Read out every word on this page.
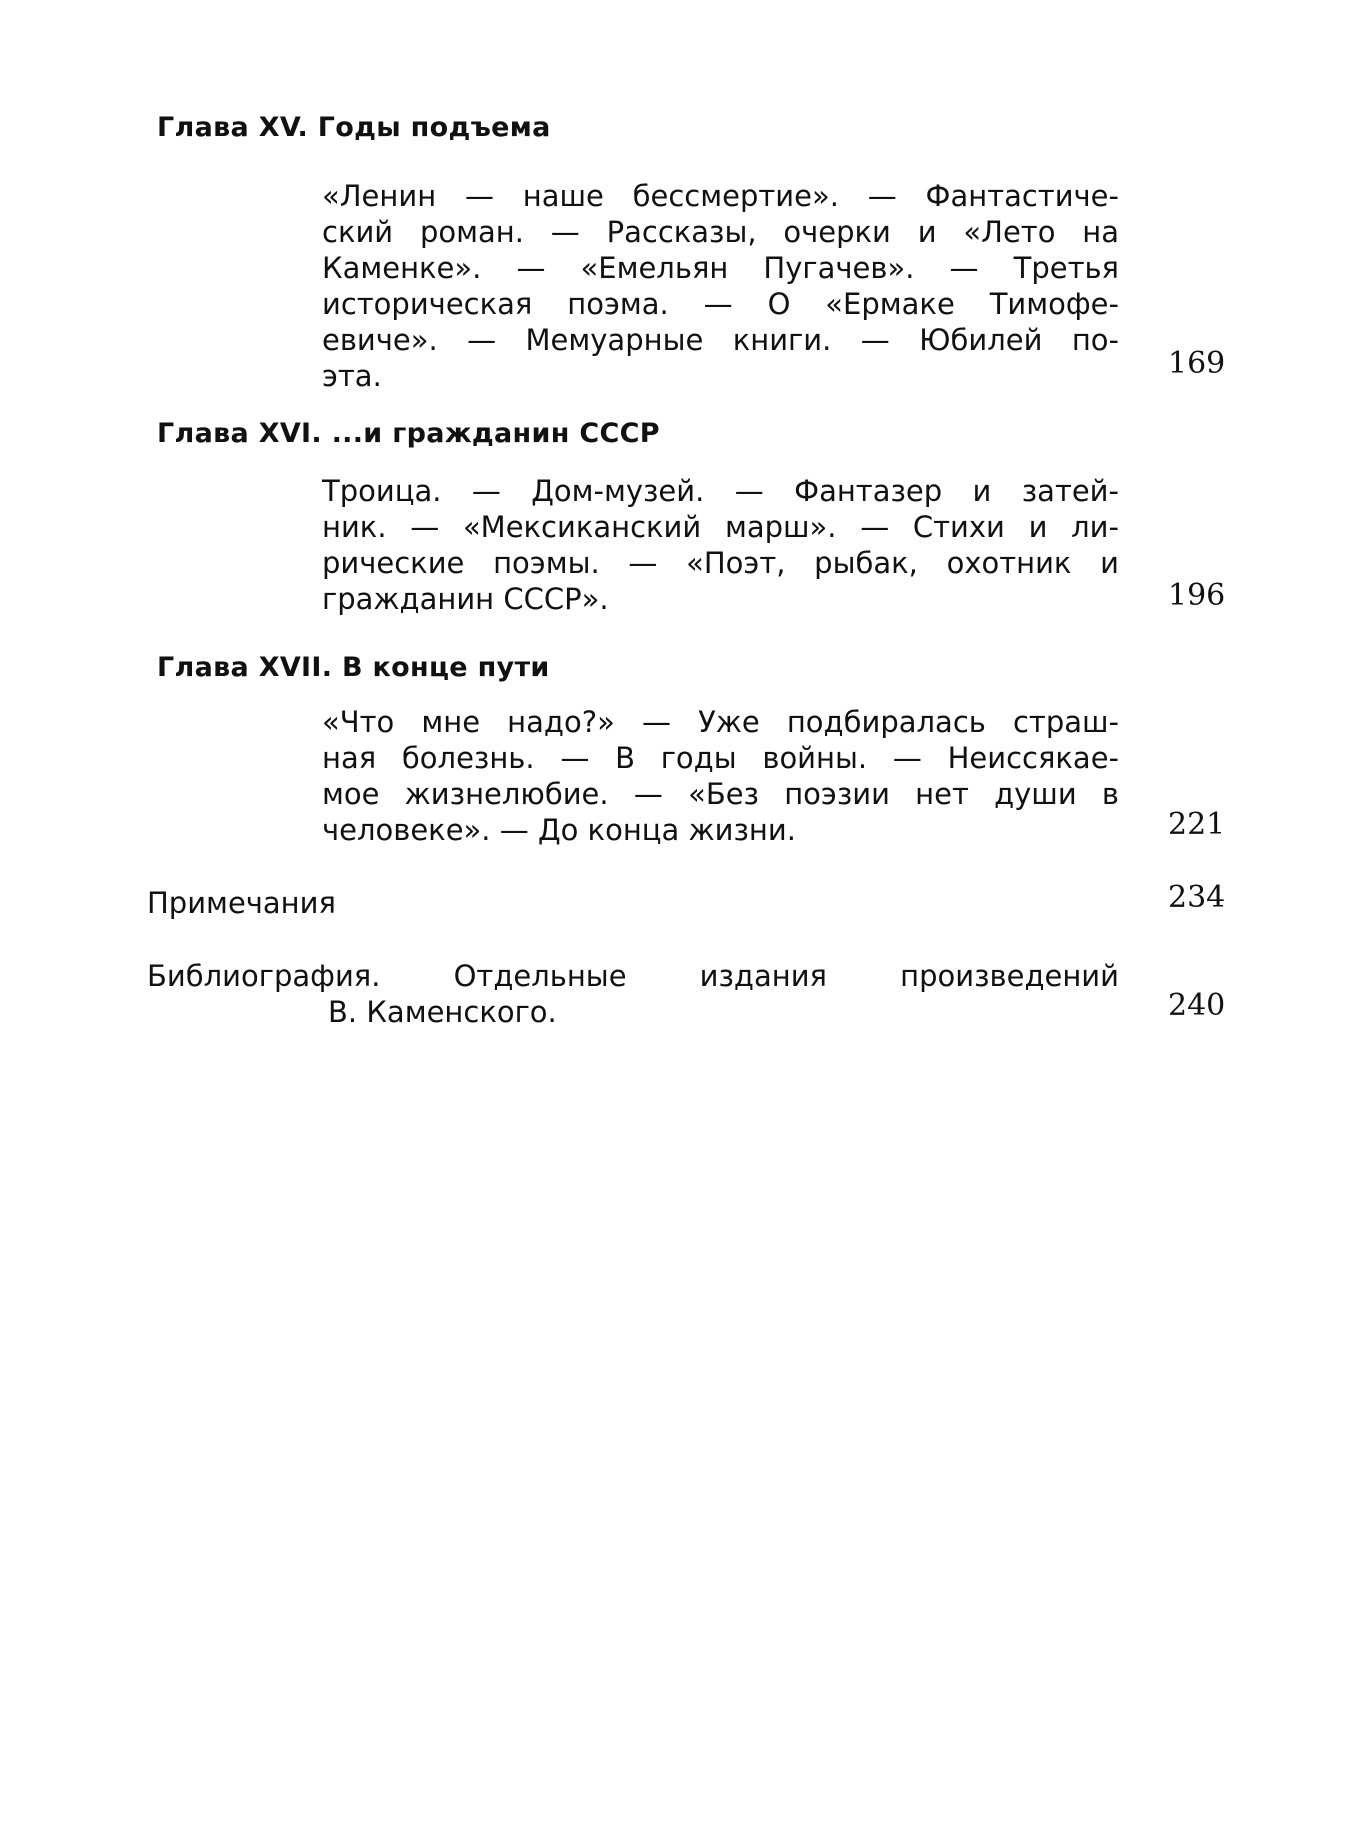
Глава XV. Годы подъема
«Ленин — наше бессмертие». — Фантастиче-
ский роман. — Рассказы, очерки и «Лето на
Каменке». — «Емельян Пугачев». — Третья
историческая поэма. — О «Ермаке Тимофе-
евиче». — Мемуарные книги. — Юбилей по-
эта.	169
Глава XVI. ...и гражданин СССР
Троица. — Дом-музей. — Фантазер и затей-
ник. — «Мексиканский марш». — Стихи и ли-
рические поэмы. — «Поэт, рыбак, охотник и
гражданин СССР».	196
Глава XVII. В конце пути
«Что мне надо?» — Уже подбиралась страш-
ная болезнь. — В годы войны. — Неиссякае-
мое жизнелюбие. — «Без поэзии нет души в
человеке». — До конца жизни.	221
Примечания	234
Библиография. Отдельные издания произведений
В. Каменского.	240
